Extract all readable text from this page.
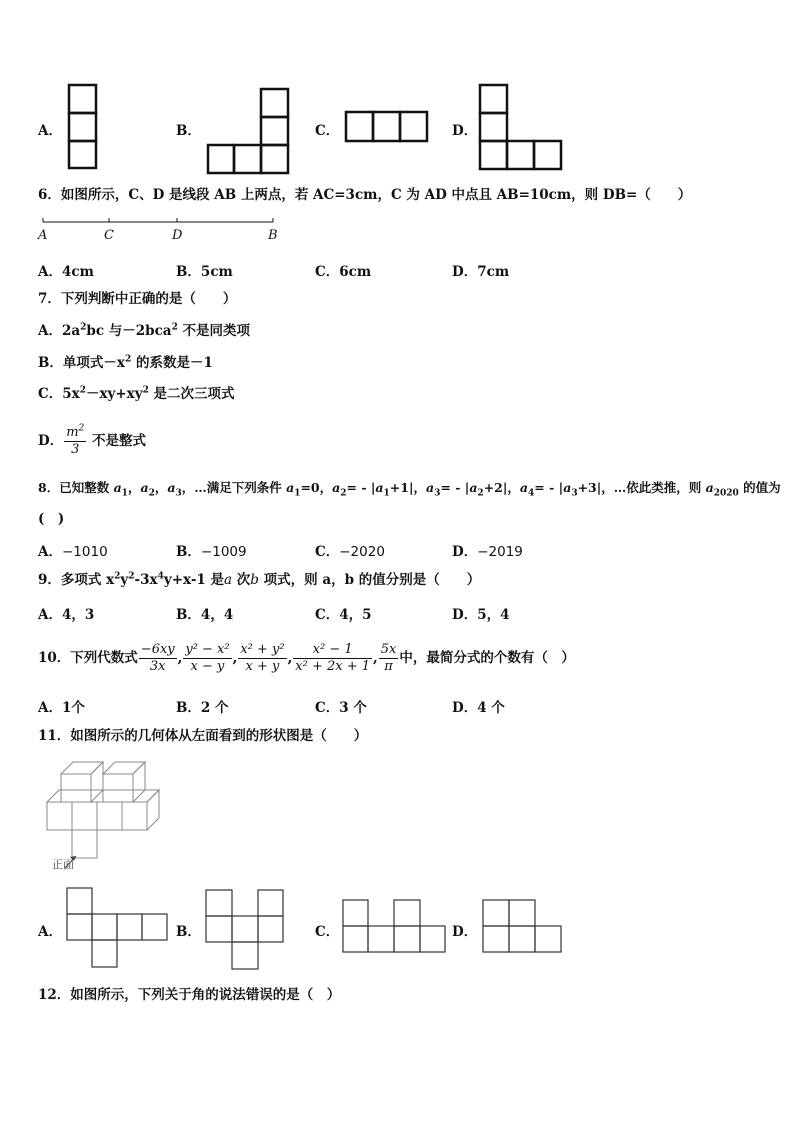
A．	B．	C．	D．
6．如图所示，C、D 是线段 AB 上两点，若 AC=3cm，C 为 AD 中点且 AB=10cm，则 DB=（　　）
A	C	D	B
A．4cm	B．5cm	C．6cm	D．7cm
7．下列判断中正确的是（　　）
A．$2a^2bc$ 与－2bca$^2$ 不是同类项
B．单项式$-x^2$ 的系数是－1
C．$5x^2-xy+xy^2$ 是二次三项式
D． $\frac{m^2}{3}$ 不是整式
8．已知整数 $a_1$，$a_2$，$a_3$，…满足下列条件 $a_1=0$，$a_2= - |a_1+1|$，$a_3= - |a_2+2|$，$a_4= - |a_3+3|$，…依此类推，则 $a_{2020}$ 的值为
(　)
A．−1010	B．−1009	C．−2020	D．−2019
9．多项式 $x^2y^2-3x^4y+x-1$ 是a 次b 项式，则 a，b 的值分别是（　　）
A．4，3	B．4，4	C．4，5	D．5，4
10．下列代数式 $\frac{-6xy}{3x}$ , $\frac{\text{y² − x²}}{x - y}$ , $\frac{\text{x² + y²}}{x + y}$ , $\frac{\text{x² − 1}}{\text{x² + 2x + 1}}$ , $\frac{5x}{\pi}$ 中，最简分式的个数有（　）
A．1个	B．2 个	C．3 个	D．4 个
11．如图所示的几何体从左面看到的形状图是（　　）
正面
A．	B．	C．	D．
12．如图所示，下列关于角的说法错误的是（　）
